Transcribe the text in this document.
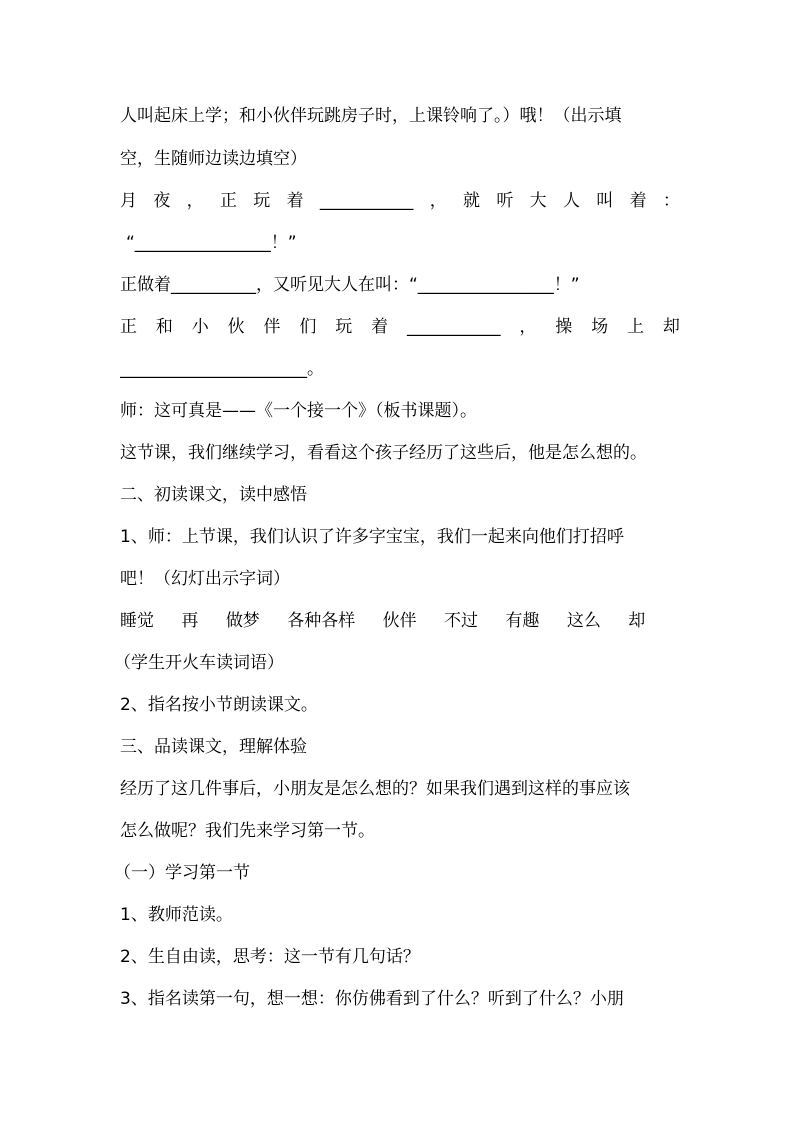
人叫起床上学；和小伙伴玩跳房子时，上课铃响了。）哦！（出示填
空，生随师边读边填空）
月 夜 ， 正 玩 着 ___________ ， 就 听 大 人 叫 着 ：
“________________！”
正做着__________，又听见大人在叫：“________________！”
正 和 小 伙 伴 们 玩 着 ___________ ， 操 场 上 却
______________________。
师：这可真是——《一个接一个》（板书课题）。
这节课，我们继续学习，看看这个孩子经历了这些后，他是怎么想的。
二、初读课文，读中感悟
1、师：上节课，我们认识了许多字宝宝，我们一起来向他们打招呼
吧！（幻灯出示字词）
睡觉 再 做梦 各种各样 伙伴 不过 有趣 这么 却
（学生开火车读词语）
2、指名按小节朗读课文。
三、品读课文，理解体验
经历了这几件事后，小朋友是怎么想的？如果我们遇到这样的事应该
怎么做呢？我们先来学习第一节。
（一）学习第一节
1、教师范读。
2、生自由读，思考：这一节有几句话？
3、指名读第一句，想一想：你仿佛看到了什么？听到了什么？小朋
